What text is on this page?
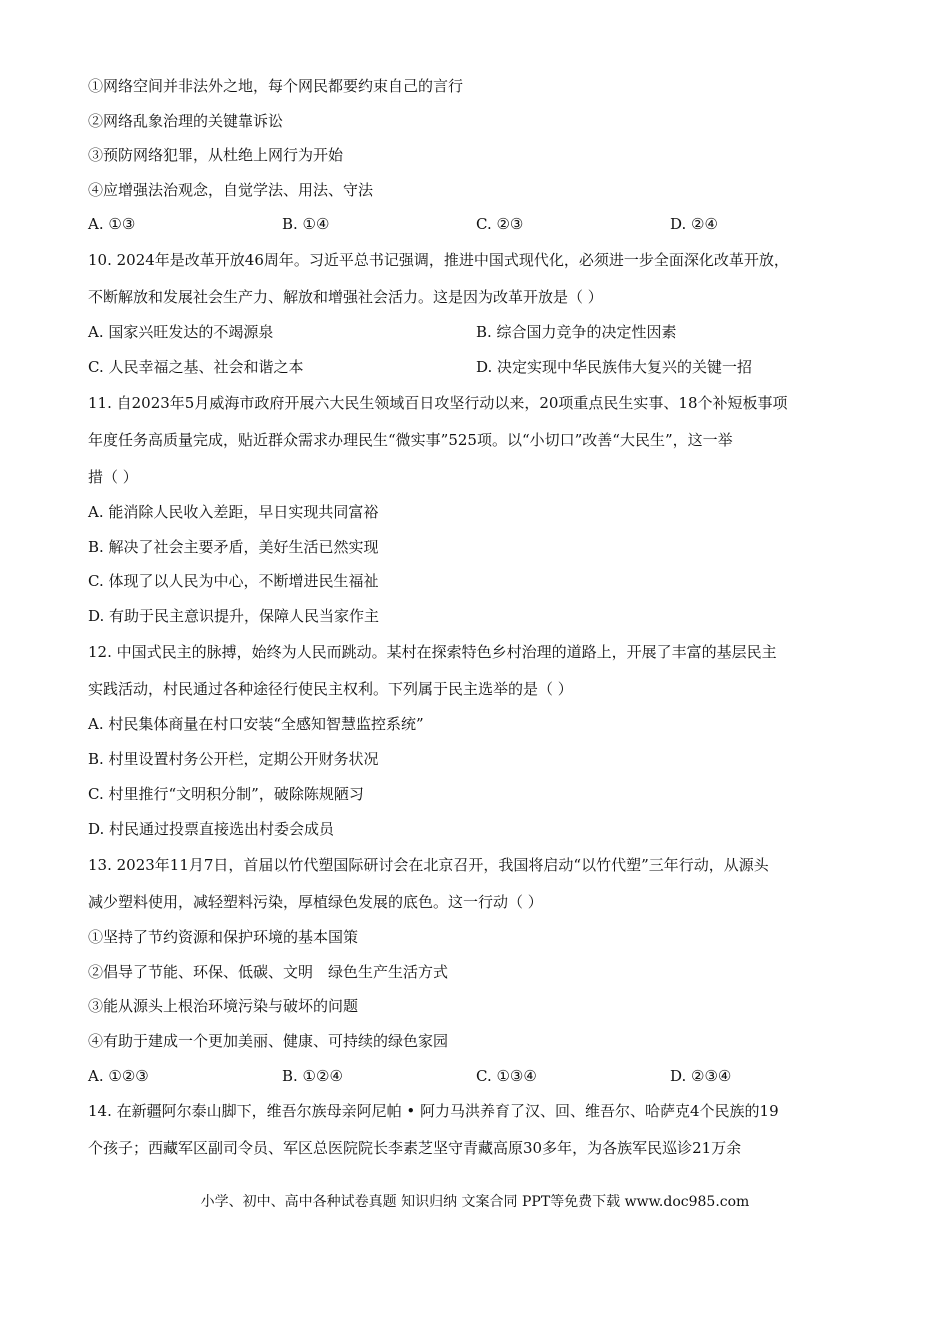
①网络空间并非法外之地，每个网民都要约束自己的言行
②网络乱象治理的关键靠诉讼
③预防网络犯罪，从杜绝上网行为开始
④应增强法治观念，自觉学法、用法、守法
A. ①③	B. ①④	C. ②③	D. ②④
10. 2024年是改革开放46周年。习近平总书记强调，推进中国式现代化，必须进一步全面深化改革开放，
不断解放和发展社会生产力、解放和增强社会活力。这是因为改革开放是（ ）
A. 国家兴旺发达的不竭源泉	B. 综合国力竞争的决定性因素
C. 人民幸福之基、社会和谐之本	D. 决定实现中华民族伟大复兴的关键一招
11. 自2023年5月威海市政府开展六大民生领域百日攻坚行动以来，20项重点民生实事、18个补短板事项
年度任务高质量完成，贴近群众需求办理民生“微实事”525项。以“小切口”改善“大民生”，这一举
措（ ）
A. 能消除人民收入差距，早日实现共同富裕
B. 解决了社会主要矛盾，美好生活已然实现
C. 体现了以人民为中心，不断增进民生福祉
D. 有助于民主意识提升，保障人民当家作主
12. 中国式民主的脉搏，始终为人民而跳动。某村在探索特色乡村治理的道路上，开展了丰富的基层民主
实践活动，村民通过各种途径行使民主权利。下列属于民主选举的是（ ）
A. 村民集体商量在村口安装“全感知智慧监控系统”
B. 村里设置村务公开栏，定期公开财务状况
C. 村里推行“文明积分制”，破除陈规陋习
D. 村民通过投票直接选出村委会成员
13. 2023年11月7日，首届以竹代塑国际研讨会在北京召开，我国将启动“以竹代塑”三年行动，从源头
减少塑料使用，减轻塑料污染，厚植绿色发展的底色。这一行动（ ）
①坚持了节约资源和保护环境的基本国策
②倡导了节能、环保、低碳、文明　绿色生产生活方式
③能从源头上根治环境污染与破坏的问题
④有助于建成一个更加美丽、健康、可持续的绿色家园
A. ①②③	B. ①②④	C. ①③④	D. ②③④
14. 在新疆阿尔泰山脚下，维吾尔族母亲阿尼帕 • 阿力马洪养育了汉、回、维吾尔、哈萨克4个民族的19
个孩子；西藏军区副司令员、军区总医院院长李素芝坚守青藏高原30多年，为各族军民巡诊21万余
小学、初中、高中各种试卷真题 知识归纳 文案合同 PPT等免费下载 www.doc985.com
